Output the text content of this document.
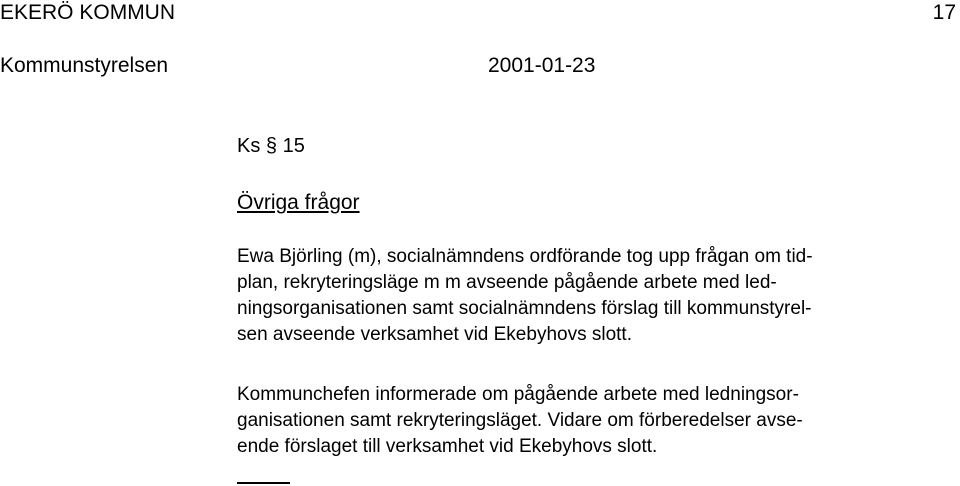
EKERÖ KOMMUN	17
Kommunstyrelsen	2001-01-23
Ks § 15
Övriga frågor
Ewa Björling (m), socialnämndens ordförande tog upp frågan om tid-
plan, rekryteringsläge m m avseende pågående arbete med led-
ningsorganisationen samt socialnämndens förslag till kommunstyrel-
sen avseende verksamhet vid Ekebyhovs slott.
Kommunchefen informerade om pågående arbete med ledningsor-
ganisationen samt rekryteringsläget. Vidare om förberedelser avse-
ende förslaget till verksamhet vid Ekebyhovs slott.
